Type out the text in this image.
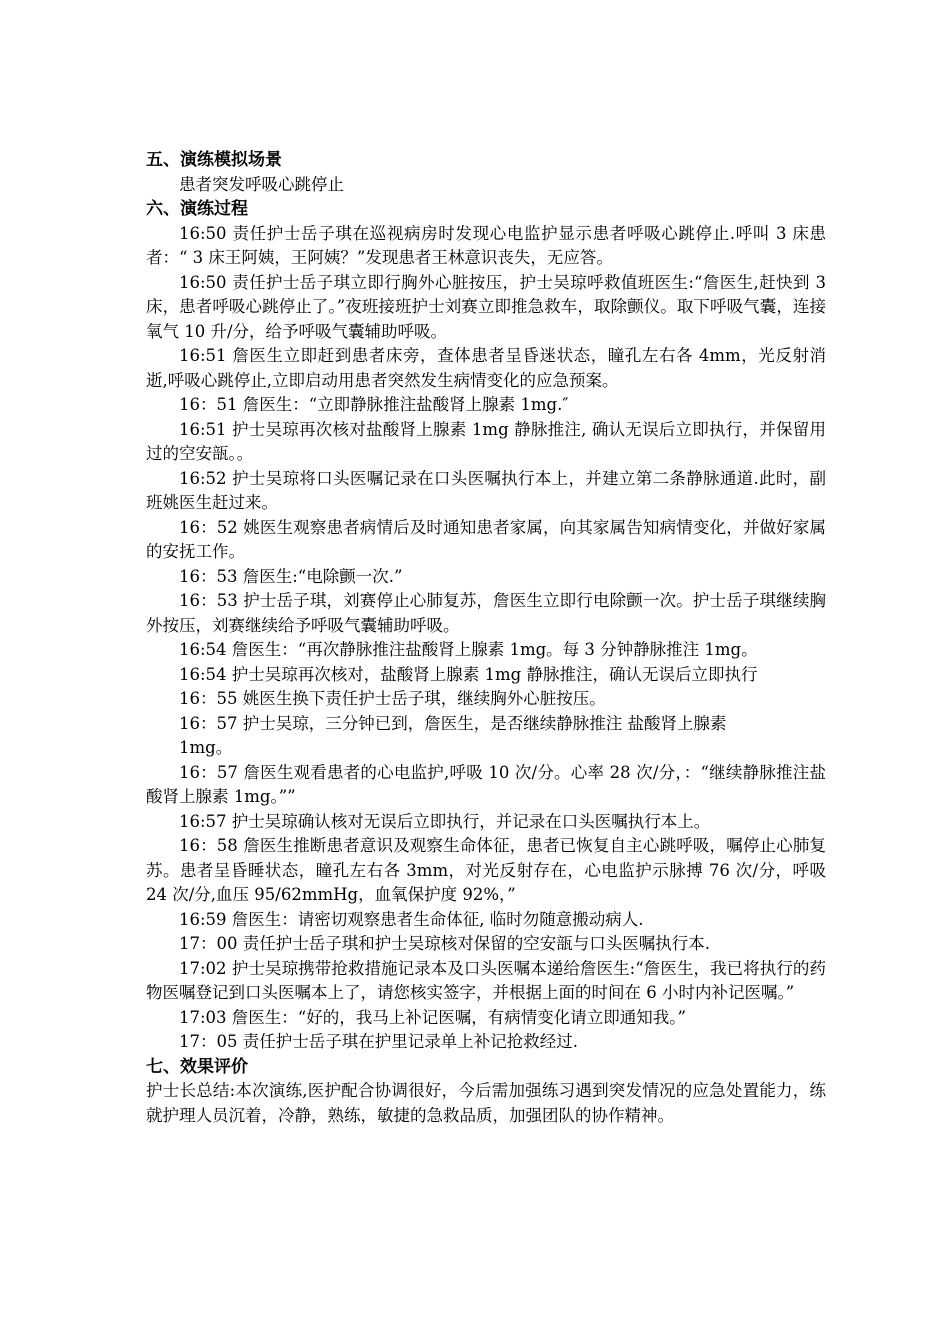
五、演练模拟场景

患者突发呼吸心跳停止

六、演练过程

16:50 责任护士岳子琪在巡视病房时发现心电监护显示患者呼吸心跳停止.呼叫 3 床患者：“ 3 床王阿姨，王阿姨？”发现患者王林意识丧失，无应答。

16:50 责任护士岳子琪立即行胸外心脏按压，护士吴琼呼救值班医生:“詹医生,赶快到 3 床，患者呼吸心跳停止了。”夜班接班护士刘赛立即推急救车，取除颤仪。取下呼吸气囊，连接氧气 10 升/分，给予呼吸气囊辅助呼吸。

16:51 詹医生立即赶到患者床旁，查体患者呈昏迷状态，瞳孔左右各 4mm，光反射消逝,呼吸心跳停止,立即启动用患者突然发生病情变化的应急预案。

16：51 詹医生：“立即静脉推注盐酸肾上腺素 1mg.″

16:51 护士吴琼再次核对盐酸肾上腺素 1mg 静脉推注, 确认无误后立即执行，并保留用过的空安瓿。。

16:52 护士吴琼将口头医嘱记录在口头医嘱执行本上，并建立第二条静脉通道.此时，副班姚医生赶过来。

16：52 姚医生观察患者病情后及时通知患者家属，向其家属告知病情变化，并做好家属的安抚工作。

16：53 詹医生:“电除颤一次.”

16：53 护士岳子琪，刘赛停止心肺复苏，詹医生立即行电除颤一次。护士岳子琪继续胸外按压，刘赛继续给予呼吸气囊辅助呼吸。

16:54 詹医生：“再次静脉推注盐酸肾上腺素 1mg。每 3 分钟静脉推注 1mg。

16:54 护士吴琼再次核对，盐酸肾上腺素 1mg 静脉推注，确认无误后立即执行

16：55 姚医生换下责任护士岳子琪，继续胸外心脏按压。

16：57 护士吴琼，三分钟已到，詹医生，是否继续静脉推注 盐酸肾上腺素

1mg。

16：57 詹医生观看患者的心电监护,呼吸 10 次/分。心率 28 次/分，：“继续静脉推注盐酸肾上腺素 1mg。””

16:57 护士吴琼确认核对无误后立即执行，并记录在口头医嘱执行本上。

16：58 詹医生推断患者意识及观察生命体征，患者已恢复自主心跳呼吸，嘱停止心肺复苏。患者呈昏睡状态，瞳孔左右各 3mm，对光反射存在，心电监护示脉搏 76 次/分，呼吸 24 次/分,血压 95/62mmHg，血氧保护度 92%，”

16:59 詹医生：请密切观察患者生命体征, 临时勿随意搬动病人.

17：00 责任护士岳子琪和护士吴琼核对保留的空安瓿与口头医嘱执行本.

17:02 护士吴琼携带抢救措施记录本及口头医嘱本递给詹医生:“詹医生，我已将执行的药物医嘱登记到口头医嘱本上了，请您核实签字，并根据上面的时间在 6 小时内补记医嘱。”

17:03 詹医生：“好的，我马上补记医嘱，有病情变化请立即通知我。”

17：05 责任护士岳子琪在护里记录单上补记抢救经过.

七、效果评价

护士长总结:本次演练,医护配合协调很好，今后需加强练习遇到突发情况的应急处置能力，练就护理人员沉着，冷静，熟练，敏捷的急救品质，加强团队的协作精神。
